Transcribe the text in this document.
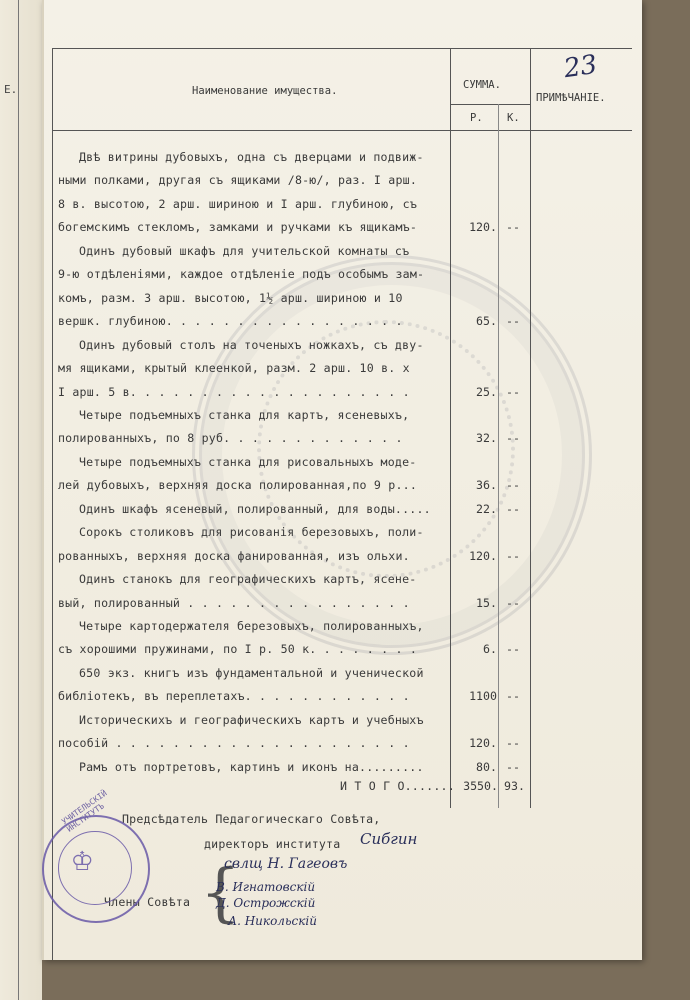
Е.
23
Наименование имущества.	СУММА.
Р. К.
ПРИМѢЧАНIЕ.
Двѣ витрины дубовыхъ, одна съ дверцами и подвиж-
ными полками, другая съ ящиками /8-ю/, раз. I арш.
8 в. высотою, 2 арш. шириною и I арш. глубиною, съ
богемскимъ стекломъ, замками и ручками къ ящикамъ-
Одинъ дубовый шкафъ для учительской комнаты съ
9-ю отдѣленiями, каждое отдѣленiе подъ особымъ зам-
комъ, разм. 3 арш. высотою, 1½ арш. шириною и 10
вершк. глубиною. . . . . . . . . . . . . . . . .
Одинъ дубовый столъ на точеныхъ ножкахъ, съ дву-
мя ящиками, крытый клеенкой, разм. 2 арш. 10 в. х
I арш. 5 в. . . . . . . . . . . . . . . . . . . .
Четыре подъемныхъ станка для картъ, ясеневыхъ,
полированныхъ, по 8 руб. . . . . . . . . . . . .
Четыре подъемныхъ станка для рисовальныхъ моде-
лей дубовыхъ, верхняя доска полированная,по 9 р...
Одинъ шкафъ ясеневый, полированный, для воды.....
Сорокъ столиковъ для рисованiя березовыхъ, поли-
рованныхъ, верхняя доска фанированная, изъ ольхи.
Одинъ станокъ для географическихъ картъ, ясене-
вый, полированный . . . . . . . . . . . . . . . .
Четыре картодержателя березовыхъ, полированныхъ,
съ хорошими пружинами, по I р. 50 к. . . . . . . .
650 экз. книгъ изъ фундаментальной и ученической
библiотекъ, въ переплетахъ. . . . . . . . . . . .
Историческихъ и географическихъ картъ и учебныхъ
пособiй . . . . . . . . . . . . . . . . . . . . .
Рамъ отъ портретовъ, картинъ и иконъ на.........
120. --
65. --
25. --
32. --
36. --
22. --
120. --
15. --
6. --
1100 --
120. --
80. --
И Т О Г О....... 3550. 93.
Предсѣдатель Педагогическаго Совѣта,
директоръ института
Члены Совѣта {
Сибгин
свлщ Н. Гагеовъ
В. Игнатовскiй
Д. Острожскiй
А. Никольскiй
♔
УЧИТЕЛЬСКIЙ ИНСТИТУТЪ
